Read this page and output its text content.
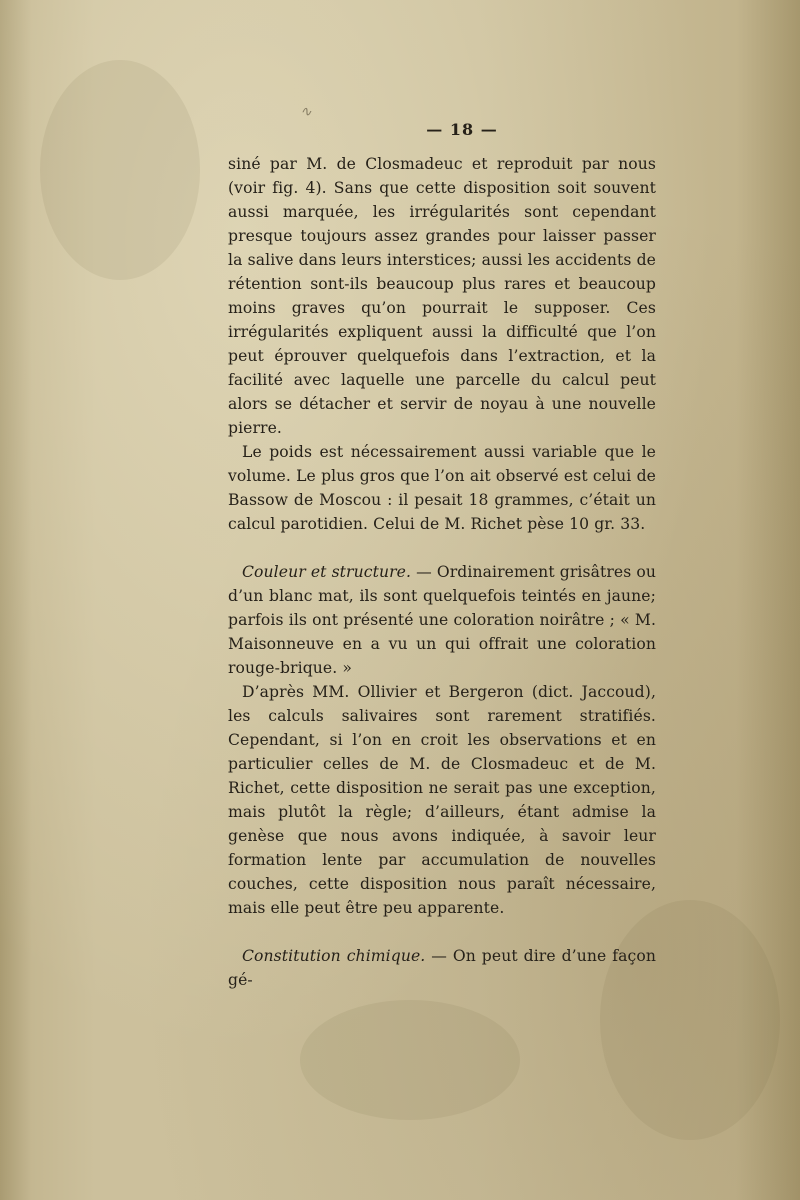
∿
— 18 —

siné par M. de Closmadeuc et reproduit par nous (voir fig. 4). Sans que cette disposition soit souvent aussi marquée, les irrégularités sont cependant presque toujours assez grandes pour laisser passer la salive dans leurs interstices; aussi les accidents de rétention sont-ils beaucoup plus rares et beaucoup moins graves qu’on pourrait le supposer. Ces irrégularités expliquent aussi la difficulté que l’on peut éprouver quelquefois dans l’extraction, et la facilité avec laquelle une parcelle du calcul peut alors se détacher et servir de noyau à une nouvelle pierre.

Le poids est nécessairement aussi variable que le volume. Le plus gros que l’on ait observé est celui de Bassow de Moscou : il pesait 18 grammes, c’était un calcul parotidien. Celui de M. Richet pèse 10 gr. 33.

Couleur et structure. — Ordinairement grisâtres ou d’un blanc mat, ils sont quelquefois teintés en jaune; parfois ils ont présenté une coloration noirâtre ; « M. Maisonneuve en a vu un qui offrait une coloration rouge-brique. »

D’après MM. Ollivier et Bergeron (dict. Jaccoud), les calculs salivaires sont rarement stratifiés. Cependant, si l’on en croit les observations et en particulier celles de M. de Closmadeuc et de M. Richet, cette disposition ne serait pas une exception, mais plutôt la règle; d’ailleurs, étant admise la genèse que nous avons indiquée, à savoir leur formation lente par accumulation de nouvelles couches, cette disposition nous paraît nécessaire, mais elle peut être peu apparente.

Constitution chimique. — On peut dire d’une façon gé-
